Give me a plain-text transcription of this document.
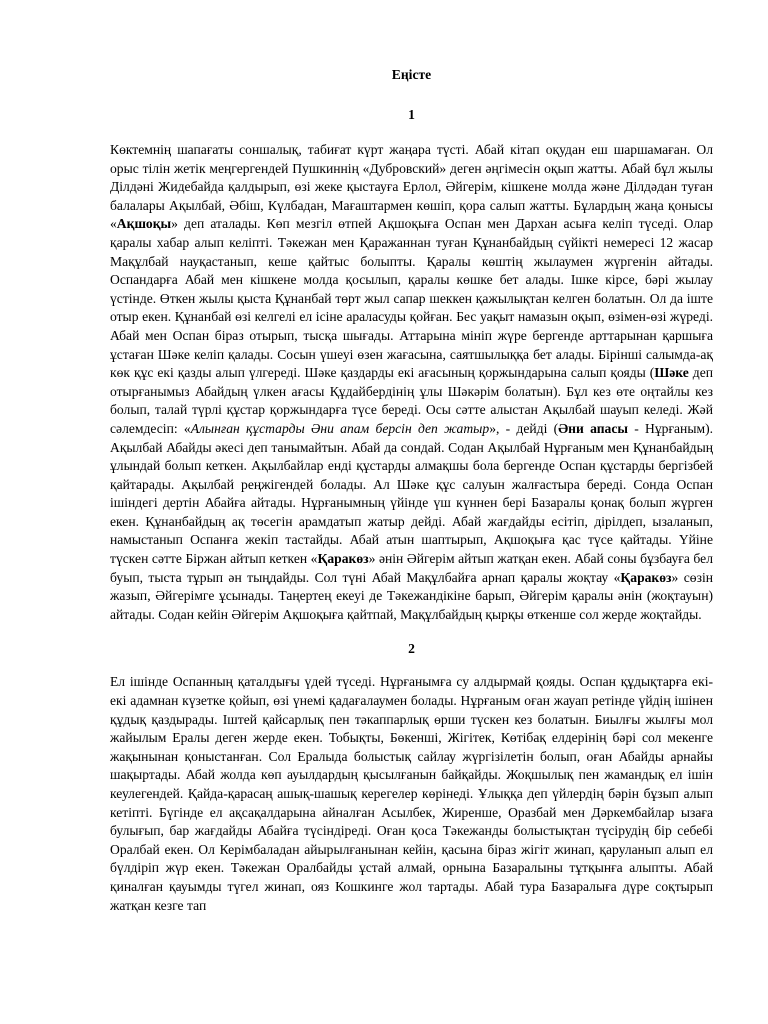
Еңісте
1
Көктемнің шапағаты соншалық, табиғат күрт жаңара түсті. Абай кітап оқудан еш шаршамаған. Ол орыс тілін жетік меңгергендей Пушкиннің «Дубровский» деген әңгімесін оқып жатты. Абай бұл жылы Ділдәні Жидебайда қалдырып, өзі жеке қыстауға Ерлол, Әйгерім, кішкене молда және Ділдәдан туған балалары Ақылбай, Әбіш, Күлбадан, Мағаштармен көшіп, қора салып жатты. Бұлардың жаңа қонысы «Ақшоқы» деп аталады. Көп мезгіл өтпей Ақшоқыға Оспан мен Дархан асыға келіп түседі. Олар қаралы хабар алып келіпті. Тәкежан мен Қаражаннан туған Құнанбайдың сүйікті немересі 12 жасар Мақұлбай науқастанып, кеше қайтыс болыпты. Қаралы көштің жылаумен жүргенін айтады. Оспандарға Абай мен кішкене молда қосылып, қаралы көшке бет алады. Ішке кірсе, бәрі жылау үстінде. Өткен жылы қыста Құнанбай төрт жыл сапар шеккен қажылықтан келген болатын. Ол да іште отыр екен. Құнанбай өзі келгелі ел ісіне араласуды қойған. Бес уақыт намазын оқып, өзімен-өзі жүреді. Абай мен Оспан біраз отырып, тысқа шығады. Аттарына мініп жүре бергенде арттарынан қаршыға ұстаған Шәке келіп қалады. Сосын үшеуі өзен жағасына, саятшылыққа бет алады. Бірінші салымда-ақ көк құс екі қазды алып үлгереді. Шәке қаздарды екі ағасының қоржындарына салып қояды (Шәке деп отырғанымыз Абайдың үлкен ағасы Құдайбердінің ұлы Шәкәрім болатын). Бұл кез өте оңтайлы кез болып, талай түрлі құстар қоржындарға түсе береді. Осы сәтте алыстан Ақылбай шауып келеді. Жәй сәлемдесіп: «Алынған құстарды Әни апам берсін деп жатыр», - дейді (Әни апасы - Нұрғаным). Ақылбай Абайды әкесі деп танымайтын. Абай да сондай. Содан Ақылбай Нұрғаным мен Құнанбайдың ұлындай болып кеткен. Ақылбайлар енді құстарды алмақшы бола бергенде Оспан құстарды бергізбей қайтарады. Ақылбай реңжігендей болады. Ал Шәке құс салуын жалғастыра береді. Сонда Оспан ішіндегі дертін Абайға айтады. Нұрғанымның үйінде үш күннен бері Базаралы қонақ болып жүрген екен. Құнанбайдың ақ төсегін арамдатып жатыр дейді. Абай жағдайды есітіп, дірілдеп, ызаланып, намыстанып Оспанға жекіп тастайды. Абай атын шаптырып, Ақшоқыға қас түсе қайтады. Үйіне түскен сәтте Біржан айтып кеткен «Қаракөз» әнін Әйгерім айтып жатқан екен. Абай соны бұзбауға бел буып, тыста тұрып ән тыңдайды. Сол түні Абай Мақұлбайға арнап қаралы жоқтау «Қаракөз» сөзін жазып, Әйгерімге ұсынады. Таңертең екеуі де Тәкежандікіне барып, Әйгерім қаралы әнін (жоқтауын) айтады. Содан кейін Әйгерім Ақшоқыға қайтпай, Мақұлбайдың қырқы өткенше сол жерде жоқтайды.
2
Ел ішінде Оспанның қаталдығы үдей түседі. Нұрғанымға су алдырмай қояды. Оспан құдықтарға екі-екі адамнан күзетке қойып, өзі үнемі қадағалаумен болады. Нұрғаным оған жауап ретінде үйдің ішінен құдық қаздырады. Іштей қайсарлық пен тәкаппарлық өрши түскен кез болатын. Биылғы жылғы мол жайылым Ералы деген жерде екен. Тобықты, Бөкенші, Жігітек, Көтібақ елдерінің бәрі сол мекенге жақынынан қоныстанған. Сол Ералыда болыстық сайлау жүргізілетін болып, оған Абайды арнайы шақыртады. Абай жолда көп ауылдардың қысылғанын байқайды. Жоқшылық пен жамандық ел ішін кеулегендей. Қайда-қарасаң ашық-шашық керегелер көрінеді. Ұлыққа деп үйлердің бәрін бұзып алып кетіпті. Бүгінде ел ақсақалдарына айналған Асылбек, Жиренше, Оразбай мен Дәркембайлар ызаға булығып, бар жағдайды Абайға түсіндіреді. Оған қоса Тәкежанды болыстықтан түсірудің бір себебі Оралбай екен. Ол Керімбаладан айырылғанынан кейін, қасына біраз жігіт жинап, қаруланып алып ел бүлдіріп жүр екен. Тәкежан Оралбайды ұстай алмай, орнына Базаралыны тұтқынға алыпты. Абай қиналған қауымды түгел жинап, ояз Кошкинге жол тартады. Абай тура Базаралыға дүре соқтырып жатқан кезге тап
